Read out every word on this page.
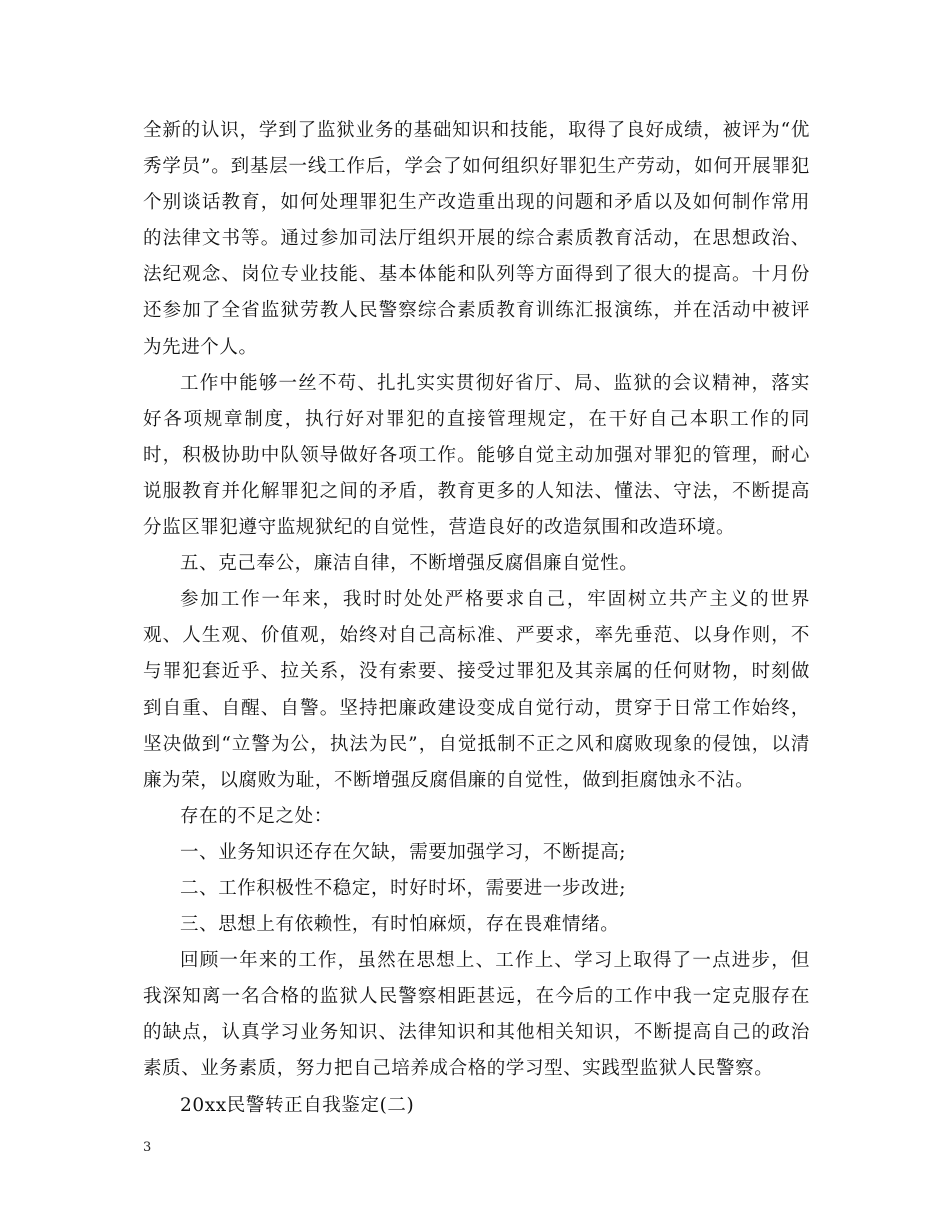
全新的认识，学到了监狱业务的基础知识和技能，取得了良好成绩，被评为“优秀学员”。到基层一线工作后，学会了如何组织好罪犯生产劳动，如何开展罪犯个别谈话教育，如何处理罪犯生产改造重出现的问题和矛盾以及如何制作常用的法律文书等。通过参加司法厅组织开展的综合素质教育活动，在思想政治、法纪观念、岗位专业技能、基本体能和队列等方面得到了很大的提高。十月份还参加了全省监狱劳教人民警察综合素质教育训练汇报演练，并在活动中被评为先进个人。

工作中能够一丝不苟、扎扎实实贯彻好省厅、局、监狱的会议精神，落实好各项规章制度，执行好对罪犯的直接管理规定，在干好自己本职工作的同时，积极协助中队领导做好各项工作。能够自觉主动加强对罪犯的管理，耐心说服教育并化解罪犯之间的矛盾，教育更多的人知法、懂法、守法，不断提高分监区罪犯遵守监规狱纪的自觉性，营造良好的改造氛围和改造环境。

五、克己奉公，廉洁自律，不断增强反腐倡廉自觉性。

参加工作一年来，我时时处处严格要求自己，牢固树立共产主义的世界观、人生观、价值观，始终对自己高标准、严要求，率先垂范、以身作则，不与罪犯套近乎、拉关系，没有索要、接受过罪犯及其亲属的任何财物，时刻做到自重、自醒、自警。坚持把廉政建设变成自觉行动，贯穿于日常工作始终，坚决做到“立警为公，执法为民”，自觉抵制不正之风和腐败现象的侵蚀，以清廉为荣，以腐败为耻，不断增强反腐倡廉的自觉性，做到拒腐蚀永不沾。

存在的不足之处：

一、业务知识还存在欠缺，需要加强学习，不断提高;

二、工作积极性不稳定，时好时坏，需要进一步改进;

三、思想上有依赖性，有时怕麻烦，存在畏难情绪。

回顾一年来的工作，虽然在思想上、工作上、学习上取得了一点进步，但我深知离一名合格的监狱人民警察相距甚远，在今后的工作中我一定克服存在的缺点，认真学习业务知识、法律知识和其他相关知识，不断提高自己的政治素质、业务素质，努力把自己培养成合格的学习型、实践型监狱人民警察。

20xx民警转正自我鉴定(二)

3
